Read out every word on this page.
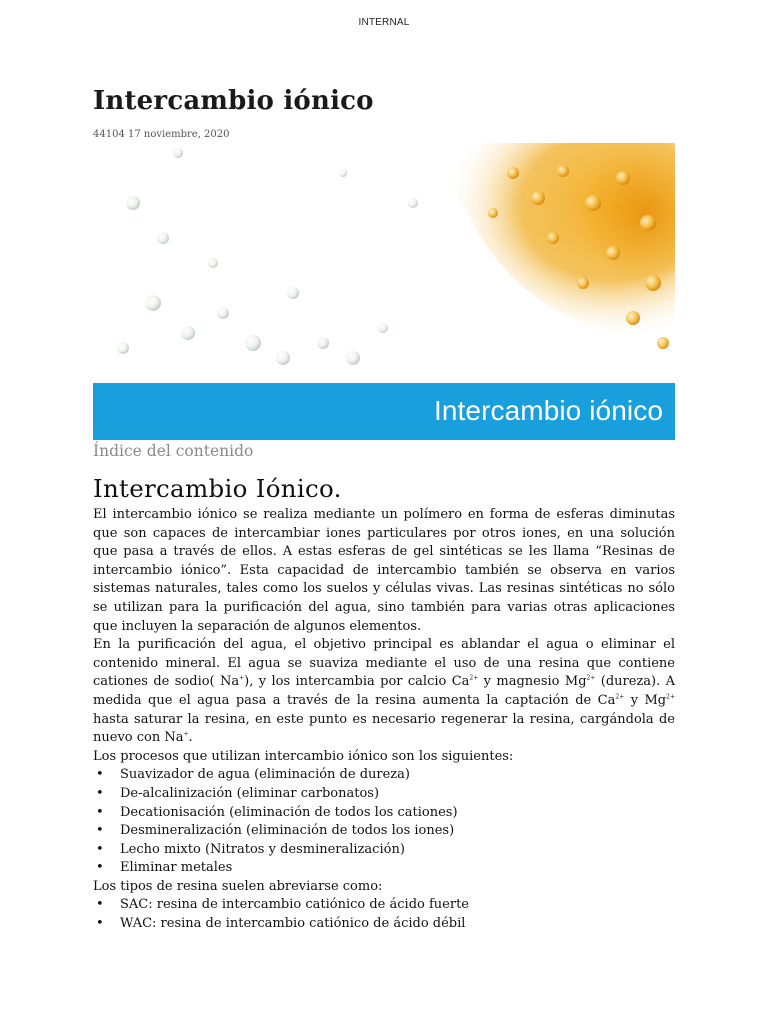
INTERNAL
Intercambio iónico
44104 17 noviembre, 2020
Intercambio iónico
Índice del contenido
Intercambio Iónico.

El intercambio iónico se realiza mediante un polímero en forma de esferas diminutas que son capaces de intercambiar iones particulares por otros iones, en una solución que pasa a través de ellos. A estas esferas de gel sintéticas se les llama “Resinas de intercambio iónico”. Esta capacidad de intercambio también se observa en varios sistemas naturales, tales como los suelos y células vivas. Las resinas sintéticas no sólo se utilizan para la purificación del agua, sino también para varias otras aplicaciones que incluyen la separación de algunos elementos.

En la purificación del agua, el objetivo principal es ablandar el agua o eliminar el contenido mineral. El agua se suaviza mediante el uso de una resina que contiene cationes de sodio( Na+), y los intercambia por calcio $Ca^{2+}$ y magnesio $Mg^{2+}$ (dureza). A medida que el agua pasa a través de la resina aumenta la captación de $Ca^{2+}$ y $Mg^{2+}$ hasta saturar la resina, en este punto es necesario regenerar la resina, cargándola de nuevo con Na+.

Los procesos que utilizan intercambio iónico son los siguientes:

• Suavizador de agua (eliminación de dureza)
• De-alcalinización (eliminar carbonatos)
• Decationisación (eliminación de todos los cationes)
• Desmineralización (eliminación de todos los iones)
• Lecho mixto (Nitratos y desmineralización)
• Eliminar metales

Los tipos de resina suelen abreviarse como:

• SAC: resina de intercambio catiónico de ácido fuerte
• WAC: resina de intercambio catiónico de ácido débil
